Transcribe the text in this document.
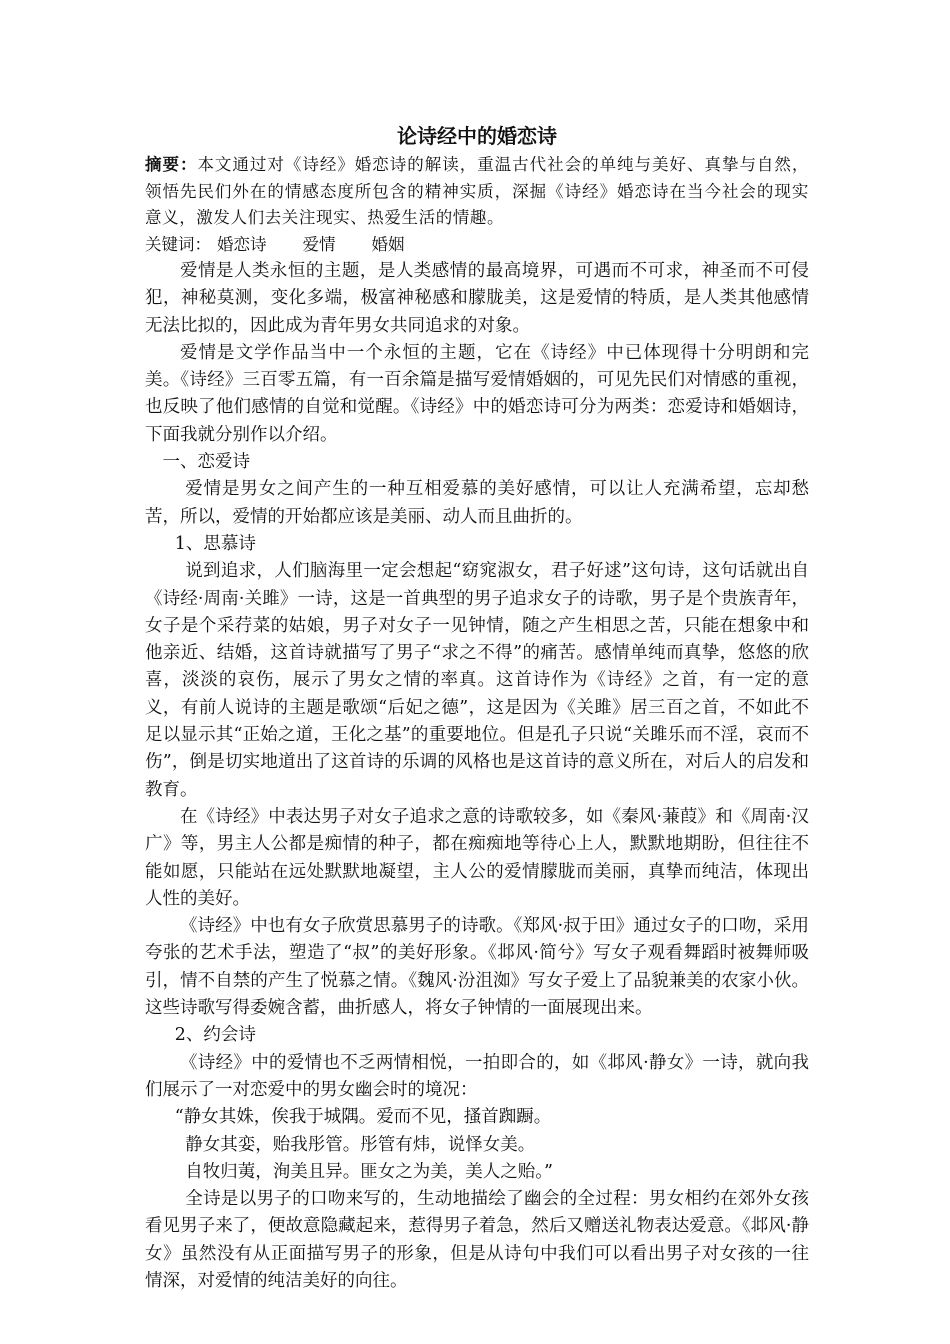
论诗经中的婚恋诗

摘要：本文通过对《诗经》婚恋诗的解读，重温古代社会的单纯与美好、真挚与自然，领悟先民们外在的情感态度所包含的精神实质，深掘《诗经》婚恋诗在当今社会的现实意义，激发人们去关注现实、热爱生活的情趣。

关键词： 婚恋诗 爱情 婚姻

爱情是人类永恒的主题，是人类感情的最高境界，可遇而不可求，神圣而不可侵犯，神秘莫测，变化多端，极富神秘感和朦胧美，这是爱情的特质，是人类其他感情无法比拟的，因此成为青年男女共同追求的对象。

爱情是文学作品当中一个永恒的主题，它在《诗经》中已体现得十分明朗和完美。《诗经》三百零五篇，有一百余篇是描写爱情婚姻的，可见先民们对情感的重视，也反映了他们感情的自觉和觉醒。《诗经》中的婚恋诗可分为两类：恋爱诗和婚姻诗，下面我就分别作以介绍。

一、恋爱诗

爱情是男女之间产生的一种互相爱慕的美好感情，可以让人充满希望，忘却愁苦，所以，爱情的开始都应该是美丽、动人而且曲折的。

1、思慕诗

说到追求，人们脑海里一定会想起“窈窕淑女，君子好逑”这句诗，这句话就出自《诗经·周南·关雎》一诗，这是一首典型的男子追求女子的诗歌，男子是个贵族青年，女子是个采荇菜的姑娘，男子对女子一见钟情，随之产生相思之苦，只能在想象中和他亲近、结婚，这首诗就描写了男子“求之不得”的痛苦。感情单纯而真挚，悠悠的欣喜，淡淡的哀伤，展示了男女之情的率真。这首诗作为《诗经》之首，有一定的意义，有前人说诗的主题是歌颂“后妃之德”，这是因为《关雎》居三百之首，不如此不足以显示其“正始之道，王化之基”的重要地位。但是孔子只说“关雎乐而不淫，哀而不伤”，倒是切实地道出了这首诗的乐调的风格也是这首诗的意义所在，对后人的启发和教育。

在《诗经》中表达男子对女子追求之意的诗歌较多，如《秦风·蒹葭》和《周南·汉广》等，男主人公都是痴情的种子，都在痴痴地等待心上人，默默地期盼，但往往不能如愿，只能站在远处默默地凝望，主人公的爱情朦胧而美丽，真挚而纯洁，体现出人性的美好。

《诗经》中也有女子欣赏思慕男子的诗歌。《郑风·叔于田》通过女子的口吻，采用夸张的艺术手法，塑造了“叔”的美好形象。《邶风·简兮》写女子观看舞蹈时被舞师吸引，情不自禁的产生了悦慕之情。《魏风·汾沮洳》写女子爱上了品貌兼美的农家小伙。这些诗歌写得委婉含蓄，曲折感人，将女子钟情的一面展现出来。

2、约会诗

《诗经》中的爱情也不乏两情相悦，一拍即合的，如《邶风·静女》一诗，就向我们展示了一对恋爱中的男女幽会时的境况：

“静女其姝，俟我于城隅。爱而不见，搔首踟蹰。

静女其娈，贻我彤管。彤管有炜，说怿女美。

自牧归荑，洵美且异。匪女之为美，美人之贻。”

全诗是以男子的口吻来写的，生动地描绘了幽会的全过程：男女相约在郊外女孩看见男子来了，便故意隐藏起来，惹得男子着急，然后又赠送礼物表达爱意。《邶风·静女》虽然没有从正面描写男子的形象，但是从诗句中我们可以看出男子对女孩的一往情深，对爱情的纯洁美好的向往。
